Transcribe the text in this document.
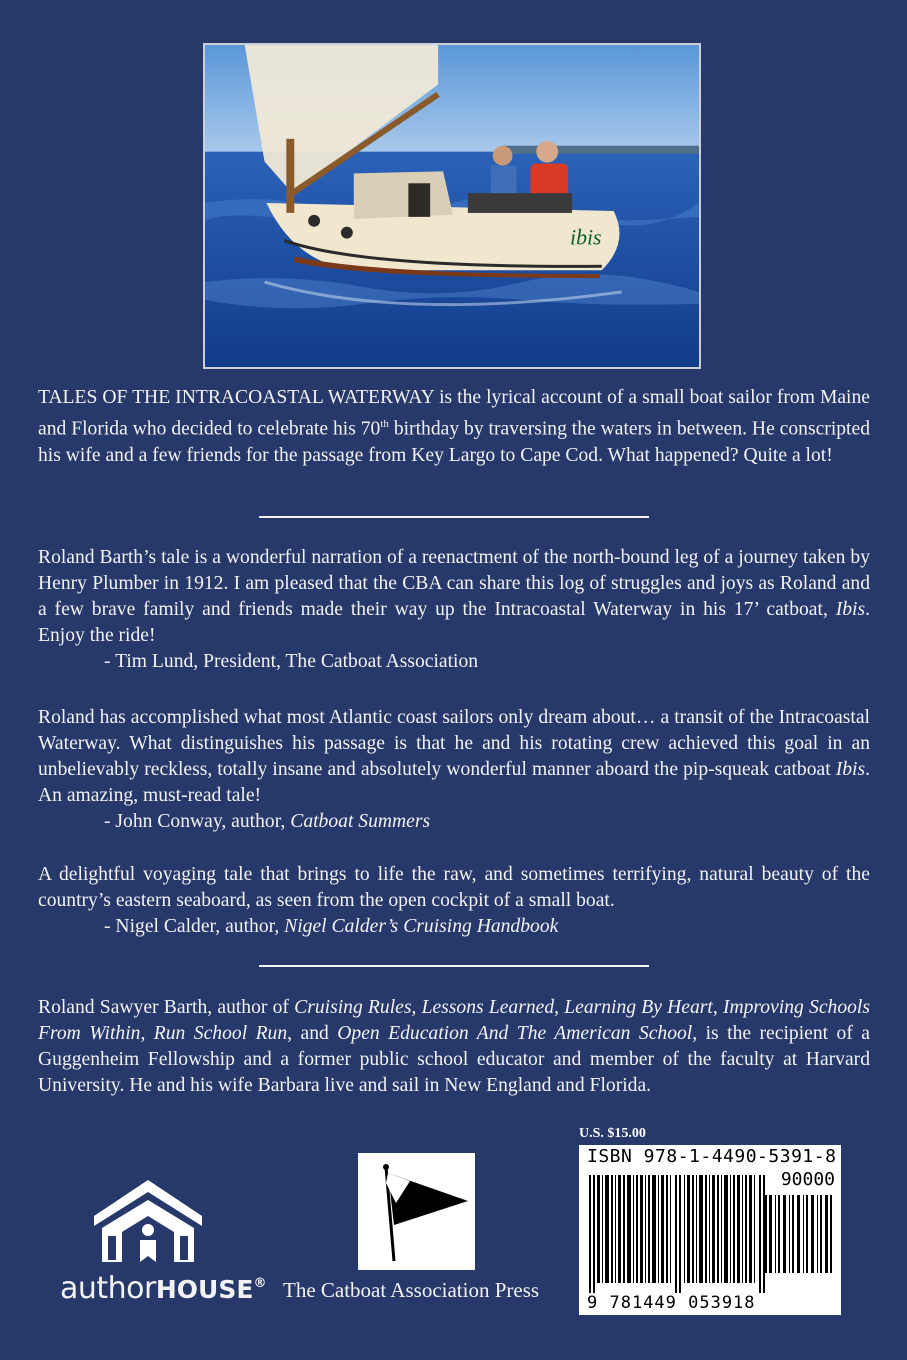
ibis

TALES OF THE INTRACOASTAL WATERWAY is the lyrical account of a small boat sailor from Maine and Florida who decided to celebrate his 70th birthday by traversing the waters in between. He conscripted his wife and a few friends for the passage from Key Largo to Cape Cod. What happened? Quite a lot!

Roland Barth’s tale is a wonderful narration of a reenactment of the north-bound leg of a journey taken by Henry Plumber in 1912. I am pleased that the CBA can share this log of struggles and joys as Roland and a few brave family and friends made their way up the Intracoastal Waterway in his 17’ catboat, Ibis. Enjoy the ride!
- Tim Lund, President, The Catboat Association

Roland has accomplished what most Atlantic coast sailors only dream about… a transit of the Intracoastal Waterway. What distinguishes his passage is that he and his rotating crew achieved this goal in an unbelievably reckless, totally insane and absolutely wonderful manner aboard the pip-squeak catboat Ibis. An amazing, must-read tale!
- John Conway, author, Catboat Summers

A delightful voyaging tale that brings to life the raw, and sometimes terrifying, natural beauty of the country’s eastern seaboard, as seen from the open cockpit of a small boat.
- Nigel Calder, author, Nigel Calder’s Cruising Handbook

Roland Sawyer Barth, author of Cruising Rules, Lessons Learned, Learning By Heart, Improving Schools From Within, Run School Run, and Open Education And The American School, is the recipient of a Guggenheim Fellowship and a former public school educator and member of the faculty at Harvard University. He and his wife Barbara live and sail in New England and Florida.

U.S. $15.00
ISBN 978-1-4490-5391-8
90000
9 781449 053918
The Catboat Association Press
authorHOUSE®
